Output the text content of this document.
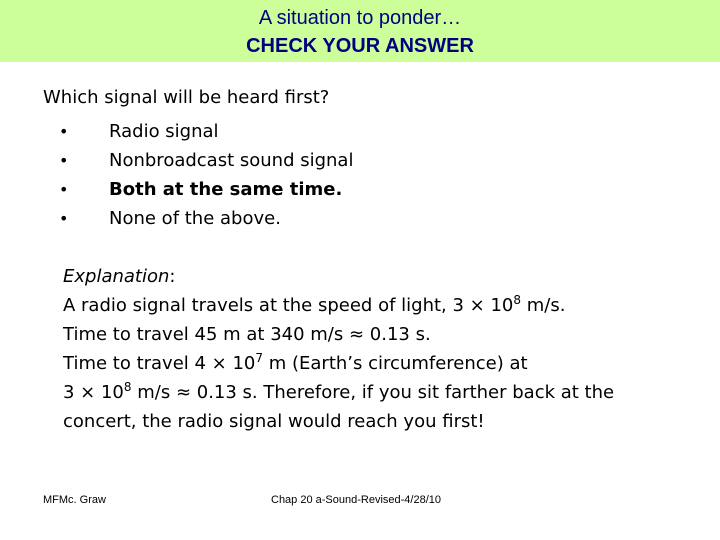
A situation to ponder…
CHECK YOUR ANSWER
Which signal will be heard first?
• Radio signal
• Nonbroadcast sound signal
• Both at the same time.
• None of the above.
Explanation:
A radio signal travels at the speed of light, $3 \times 10^8$ m/s.
Time to travel 45 m at 340 m/s ≈ 0.13 s.
Time to travel $4 \times 10^7$ m (Earth’s circumference) at
$3 \times 10^8$ m/s ≈ 0.13 s. Therefore, if you sit farther back at the
concert, the radio signal would reach you first!
MFMc. Graw	Chap 20 a-Sound-Revised-4/28/10
